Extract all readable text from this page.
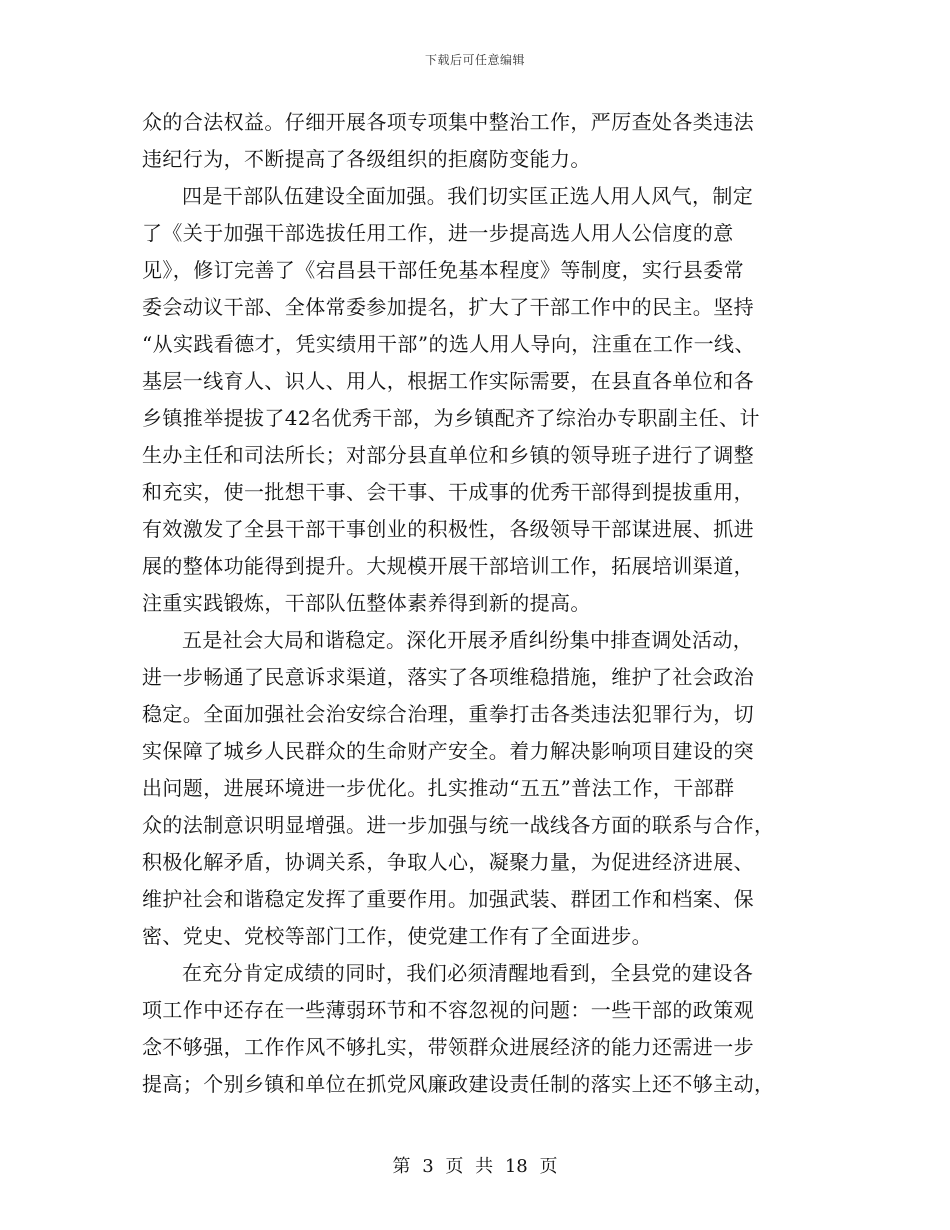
下载后可任意编辑
众的合法权益。仔细开展各项专项集中整治工作，严厉查处各类违法
违纪行为，不断提高了各级组织的拒腐防变能力。
四是干部队伍建设全面加强。我们切实匡正选人用人风气，制定
了《关于加强干部选拔任用工作，进一步提高选人用人公信度的意
见》，修订完善了《宕昌县干部任免基本程度》等制度，实行县委常
委会动议干部、全体常委参加提名，扩大了干部工作中的民主。坚持
“从实践看德才，凭实绩用干部”的选人用人导向，注重在工作一线、
基层一线育人、识人、用人，根据工作实际需要，在县直各单位和各
乡镇推举提拔了42名优秀干部，为乡镇配齐了综治办专职副主任、计
生办主任和司法所长；对部分县直单位和乡镇的领导班子进行了调整
和充实，使一批想干事、会干事、干成事的优秀干部得到提拔重用，
有效激发了全县干部干事创业的积极性，各级领导干部谋进展、抓进
展的整体功能得到提升。大规模开展干部培训工作，拓展培训渠道，
注重实践锻炼，干部队伍整体素养得到新的提高。
五是社会大局和谐稳定。深化开展矛盾纠纷集中排查调处活动，
进一步畅通了民意诉求渠道，落实了各项维稳措施，维护了社会政治
稳定。全面加强社会治安综合治理，重拳打击各类违法犯罪行为，切
实保障了城乡人民群众的生命财产安全。着力解决影响项目建设的突
出问题，进展环境进一步优化。扎实推动“五五”普法工作，干部群
众的法制意识明显增强。进一步加强与统一战线各方面的联系与合作，
积极化解矛盾，协调关系，争取人心，凝聚力量，为促进经济进展、
维护社会和谐稳定发挥了重要作用。加强武装、群团工作和档案、保
密、党史、党校等部门工作，使党建工作有了全面进步。
在充分肯定成绩的同时，我们必须清醒地看到，全县党的建设各
项工作中还存在一些薄弱环节和不容忽视的问题：一些干部的政策观
念不够强，工作作风不够扎实，带领群众进展经济的能力还需进一步
提高；个别乡镇和单位在抓党风廉政建设责任制的落实上还不够主动，
第 3 页 共 18 页
